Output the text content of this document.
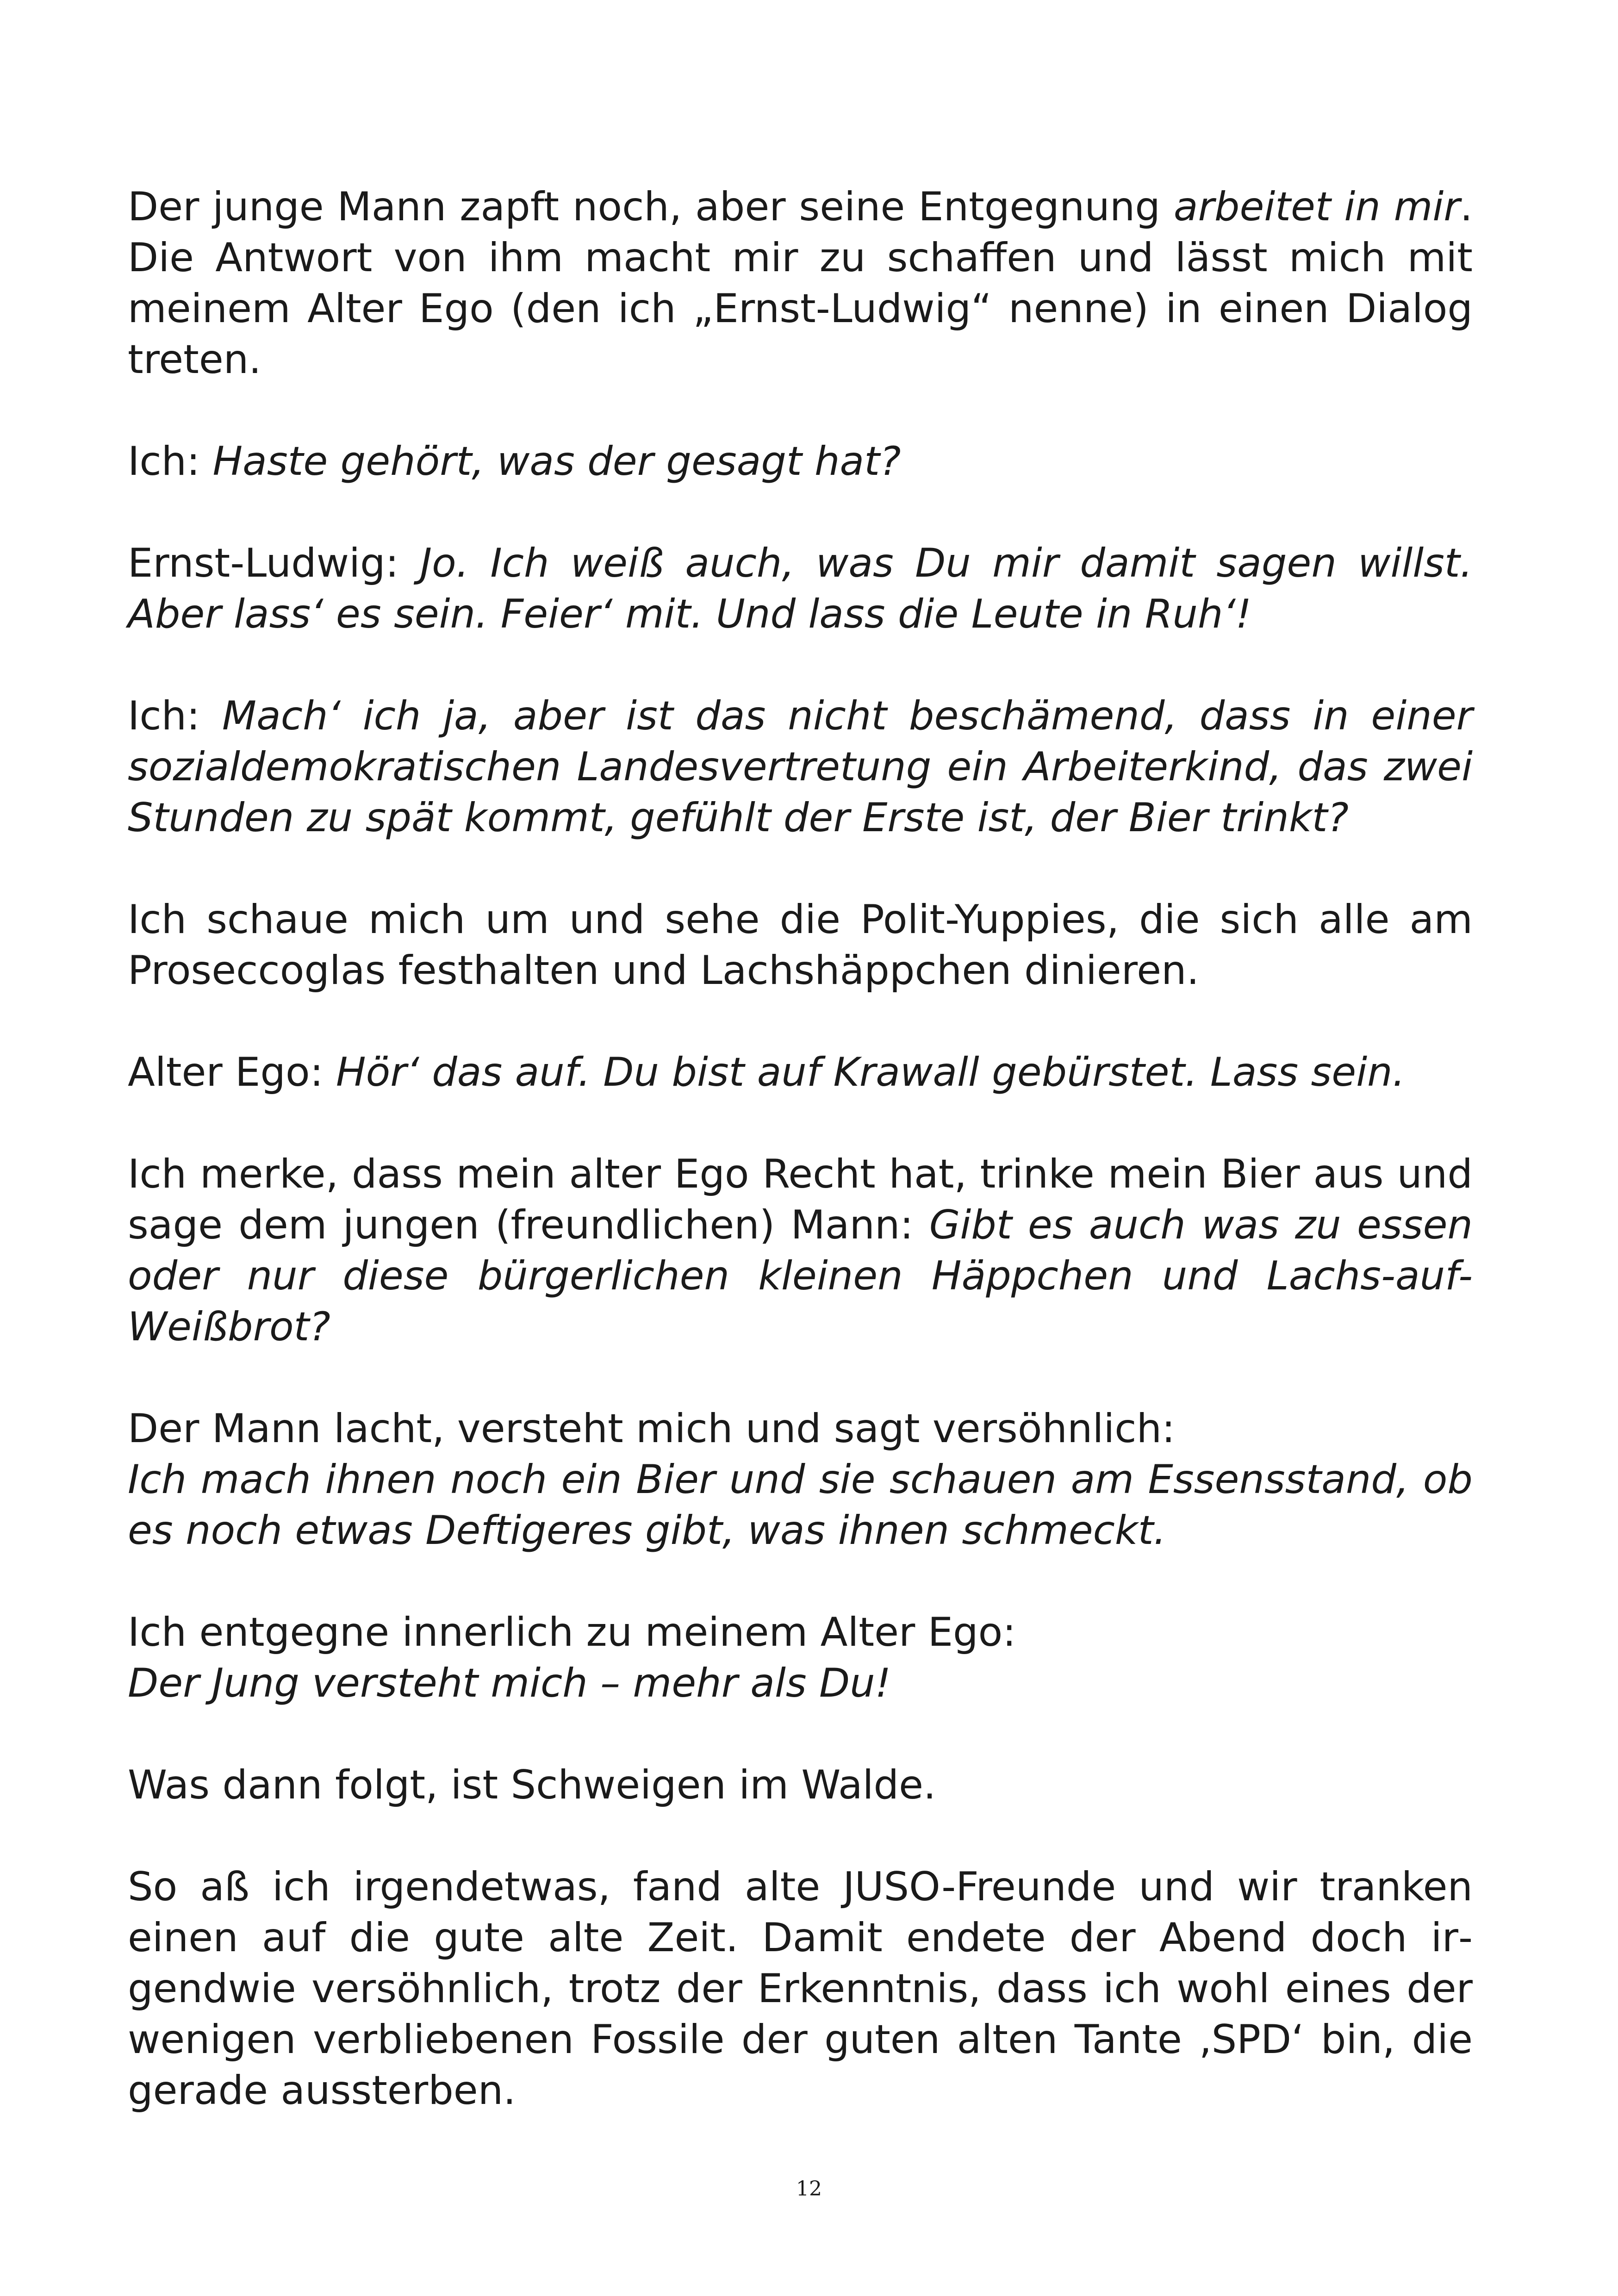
Der junge Mann zapft noch, aber seine Entgegnung arbeitet in mir. Die Antwort von ihm macht mir zu schaffen und lässt mich mit meinem Alter Ego (den ich „Ernst-Ludwig“ nenne) in einen Dialog treten.

Ich: Haste gehört, was der gesagt hat?

Ernst-Ludwig: Jo. Ich weiß auch, was Du mir damit sagen willst. Aber lass‘ es sein. Feier‘ mit. Und lass die Leute in Ruh‘!

Ich: Mach‘ ich ja, aber ist das nicht beschämend, dass in einer sozialdemokratischen Landesvertretung ein Arbeiterkind, das zwei Stunden zu spät kommt, gefühlt der Erste ist, der Bier trinkt?

Ich schaue mich um und sehe die Polit-Yuppies, die sich alle am Proseccoglas festhalten und Lachshäppchen dinieren.

Alter Ego: Hör‘ das auf. Du bist auf Krawall gebürstet. Lass sein.

Ich merke, dass mein alter Ego Recht hat, trinke mein Bier aus und sage dem jungen (freundlichen) Mann: Gibt es auch was zu essen oder nur diese bürgerlichen kleinen Häppchen und Lachs-auf-Weißbrot?

Der Mann lacht, versteht mich und sagt versöhnlich:
Ich mach ihnen noch ein Bier und sie schauen am Essensstand, ob es noch etwas Deftigeres gibt, was ihnen schmeckt.

Ich entgegne innerlich zu meinem Alter Ego:
Der Jung versteht mich – mehr als Du!

Was dann folgt, ist Schweigen im Walde.

So aß ich irgendetwas, fand alte JUSO-Freunde und wir tranken einen auf die gute alte Zeit. Damit endete der Abend doch irgendwie versöhnlich, trotz der Erkenntnis, dass ich wohl eines der wenigen verbliebenen Fossile der guten alten Tante ‚SPD‘ bin, die gerade aussterben.

12
